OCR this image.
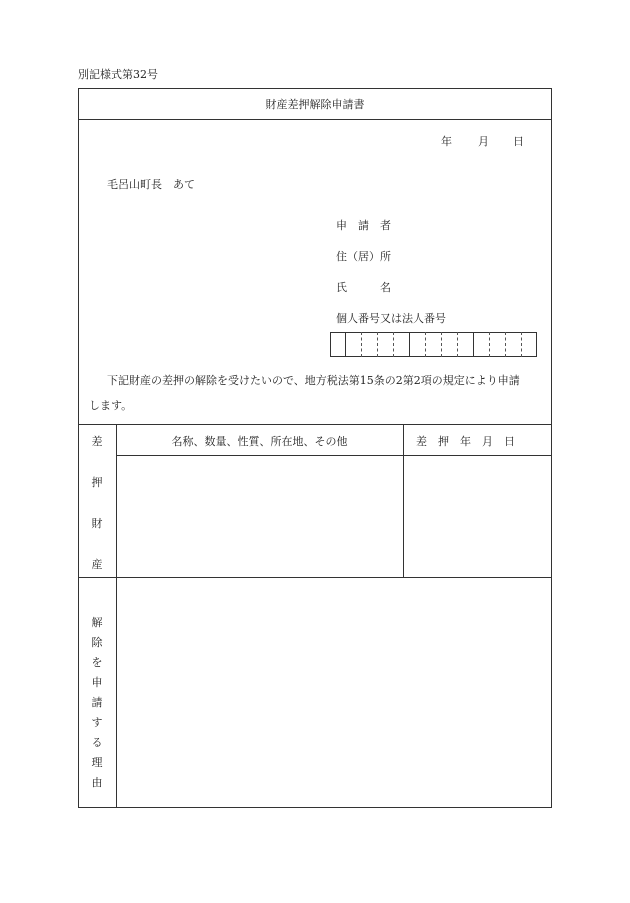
別記様式第32号
財産差押解除申請書
年 月 日
毛呂山町長　あて
申　請　者
住（居）所
氏　　　名
個人番号又は法人番号
下記財産の差押の解除を受けたいので、地方税法第15条の2第2項の規定により申請
します。
差
押
財
産
名称、数量、性質、所在地、その他	差　押　年　月　日
解
除
を
申
請
す
る
理
由
